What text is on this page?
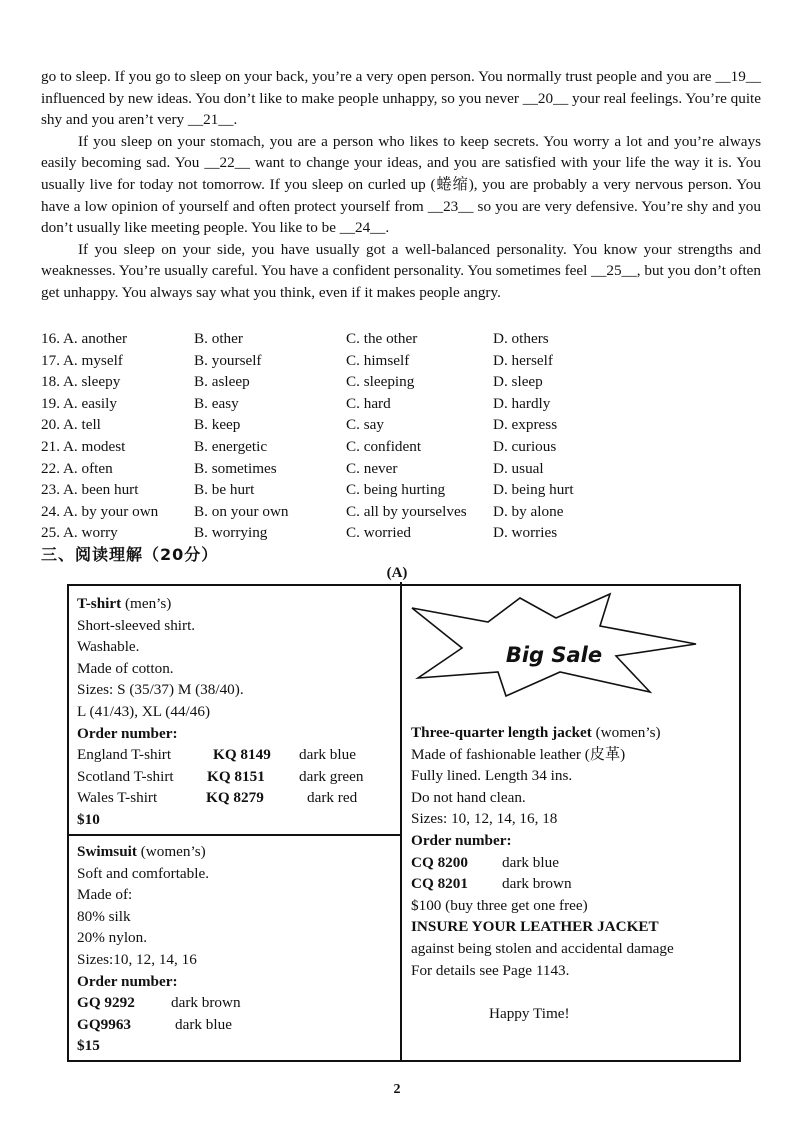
go to sleep. If you go to sleep on your back, you’re a very open person. You normally trust people and you are __19__ influenced by new ideas. You don’t like to make people unhappy, so you never __20__ your real feelings. You’re quite shy and you aren’t very __21__.

If you sleep on your stomach, you are a person who likes to keep secrets. You worry a lot and you’re always easily becoming sad. You __22__ want to change your ideas, and you are satisfied with your life the way it is. You usually live for today not tomorrow. If you sleep on curled up (蜷缩), you are probably a very nervous person. You have a low opinion of yourself and often protect yourself from __23__ so you are very defensive. You’re shy and you don’t usually like meeting people. You like to be __24__.

If you sleep on your side, you have usually got a well-balanced personality. You know your strengths and weaknesses. You’re usually careful. You have a confident personality. You sometimes feel __25__, but you don’t often get unhappy. You always say what you think, even if it makes people angry.

16. A. another	B. other	C. the other	D. others
17. A. myself	B. yourself	C. himself	D. herself
18. A. sleepy	B. asleep	C. sleeping	D. sleep
19. A. easily	B. easy	C. hard	D. hardly
20. A. tell	B. keep	C. say	D. express
21. A. modest	B. energetic	C. confident	D. curious
22. A. often	B. sometimes	C. never	D. usual
23. A. been hurt	B. be hurt	C. being hurting	D. being hurt
24. A. by your own	B. on your own	C. all by yourselves	D. by alone
25. A. worry	B. worrying	C. worried	D. worries
三、阅读理解（20分）
(A)
T-shirt (men’s)
Short-sleeved shirt.
Washable.
Made of cotton.
Sizes: S (35/37) M (38/40).
L (41/43), XL (44/46)
Order number:
England T-shirt	KQ 8149	dark blue
Scotland T-shirt	KQ 8151	dark green
Wales T-shirt	KQ 8279	dark red
$10
Swimsuit (women’s)
Soft and comfortable.
Made of:
80% silk
20% nylon.
Sizes:10, 12, 14, 16
Order number:
GQ 9292	dark brown
GQ9963	dark blue
$15
Big Sale
Three-quarter length jacket (women’s)
Made of fashionable leather (皮革)
Fully lined. Length 34 ins.
Do not hand clean.
Sizes: 10, 12, 14, 16, 18
Order number:
CQ 8200	dark blue
CQ 8201	dark brown
$100 (buy three get one free)
INSURE YOUR LEATHER JACKET
against being stolen and accidental damage
For details see Page 1143.
Happy Time!
2
